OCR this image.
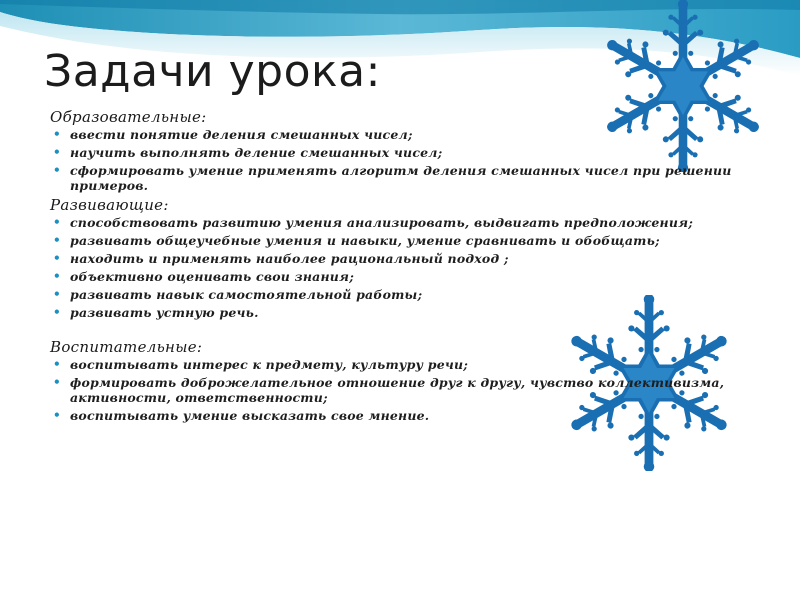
Задачи урока:

Образовательные:

• ввести понятие деления смешанных чисел;
• научить выполнять деление смешанных чисел;
• сформировать умение применять алгоритм деления смешанных чисел при решении примеров.

Развивающие:

• способствовать развитию умения анализировать, выдвигать предположения;
• развивать общеучебные умения и навыки, умение сравнивать и обобщать;
• находить и применять наиболее рациональный подход ;
• объективно оценивать свои знания;
• развивать навык самостоятельной работы;
• развивать устную речь.

Воспитательные:

• воспитывать интерес к предмету, культуру речи;
• формировать доброжелательное отношение друг к другу, чувство коллективизма, активности, ответственности;
• воспитывать умение высказать свое мнение.
